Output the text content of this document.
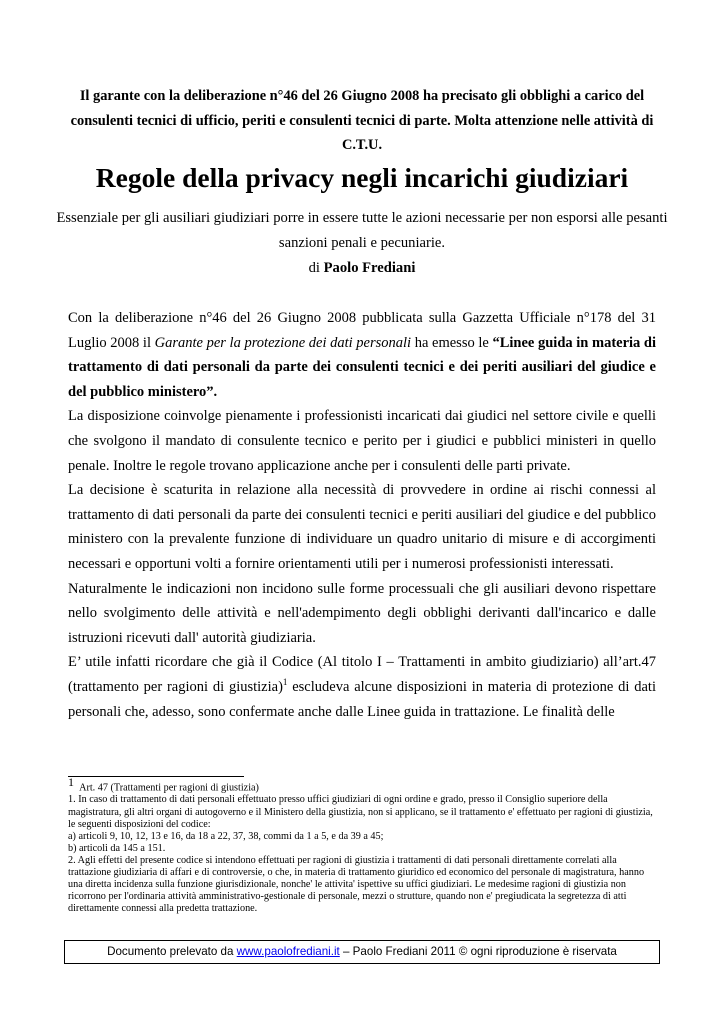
Il garante con la deliberazione n°46 del 26 Giugno 2008 ha precisato gli obblighi a carico del consulenti tecnici di ufficio, periti e consulenti tecnici di parte. Molta attenzione nelle attività di C.T.U.
Regole della privacy negli incarichi giudiziari
Essenziale per gli ausiliari giudiziari porre in essere tutte le azioni necessarie per non esporsi alle pesanti sanzioni penali e pecuniarie.
di Paolo Frediani

Con la deliberazione n°46 del 26 Giugno 2008 pubblicata sulla Gazzetta Ufficiale n°178 del 31 Luglio 2008 il Garante per la protezione dei dati personali ha emesso le “Linee guida in materia di trattamento di dati personali da parte dei consulenti tecnici e dei periti ausiliari del giudice e del pubblico ministero”.

La disposizione coinvolge pienamente i professionisti incaricati dai giudici nel settore civile e quelli che svolgono il mandato di consulente tecnico e perito per i giudici e pubblici ministeri in quello penale. Inoltre le regole trovano applicazione anche per i consulenti delle parti private.

La decisione è scaturita in relazione alla necessità di provvedere in ordine ai rischi connessi al trattamento di dati personali da parte dei consulenti tecnici e periti ausiliari del giudice e del pubblico ministero con la prevalente funzione di individuare un quadro unitario di misure e di accorgimenti necessari e opportuni volti a fornire orientamenti utili per i numerosi professionisti interessati.

Naturalmente le indicazioni non incidono sulle forme processuali che gli ausiliari devono rispettare nello svolgimento delle attività e nell'adempimento degli obblighi derivanti dall'incarico e dalle istruzioni ricevuti dall' autorità giudiziaria.

E’ utile infatti ricordare che già il Codice (Al titolo I – Trattamenti in ambito giudiziario) all’art.47 (trattamento per ragioni di giustizia)$^1$ escludeva alcune disposizioni in materia di protezione di dati personali che, adesso, sono confermate anche dalle Linee guida in trattazione. Le finalità delle

1 Art. 47 (Trattamenti per ragioni di giustizia)

1. In caso di trattamento di dati personali effettuato presso uffici giudiziari di ogni ordine e grado, presso il Consiglio superiore della magistratura, gli altri organi di autogoverno e il Ministero della giustizia, non si applicano, se il trattamento e' effettuato per ragioni di giustizia, le seguenti disposizioni del codice:

a) articoli 9, 10, 12, 13 e 16, da 18 a 22, 37, 38, commi da 1 a 5, e da 39 a 45;

b) articoli da 145 a 151.

2. Agli effetti del presente codice si intendono effettuati per ragioni di giustizia i trattamenti di dati personali direttamente correlati alla trattazione giudiziaria di affari e di controversie, o che, in materia di trattamento giuridico ed economico del personale di magistratura, hanno una diretta incidenza sulla funzione giurisdizionale, nonche' le attivita' ispettive su uffici giudiziari. Le medesime ragioni di giustizia non ricorrono per l'ordinaria attività amministrativo-gestionale di personale, mezzi o strutture, quando non e' pregiudicata la segretezza di atti direttamente connessi alla predetta trattazione.

Documento prelevato da www.paolofrediani.it – Paolo Frediani 2011 © ogni riproduzione è riservata
